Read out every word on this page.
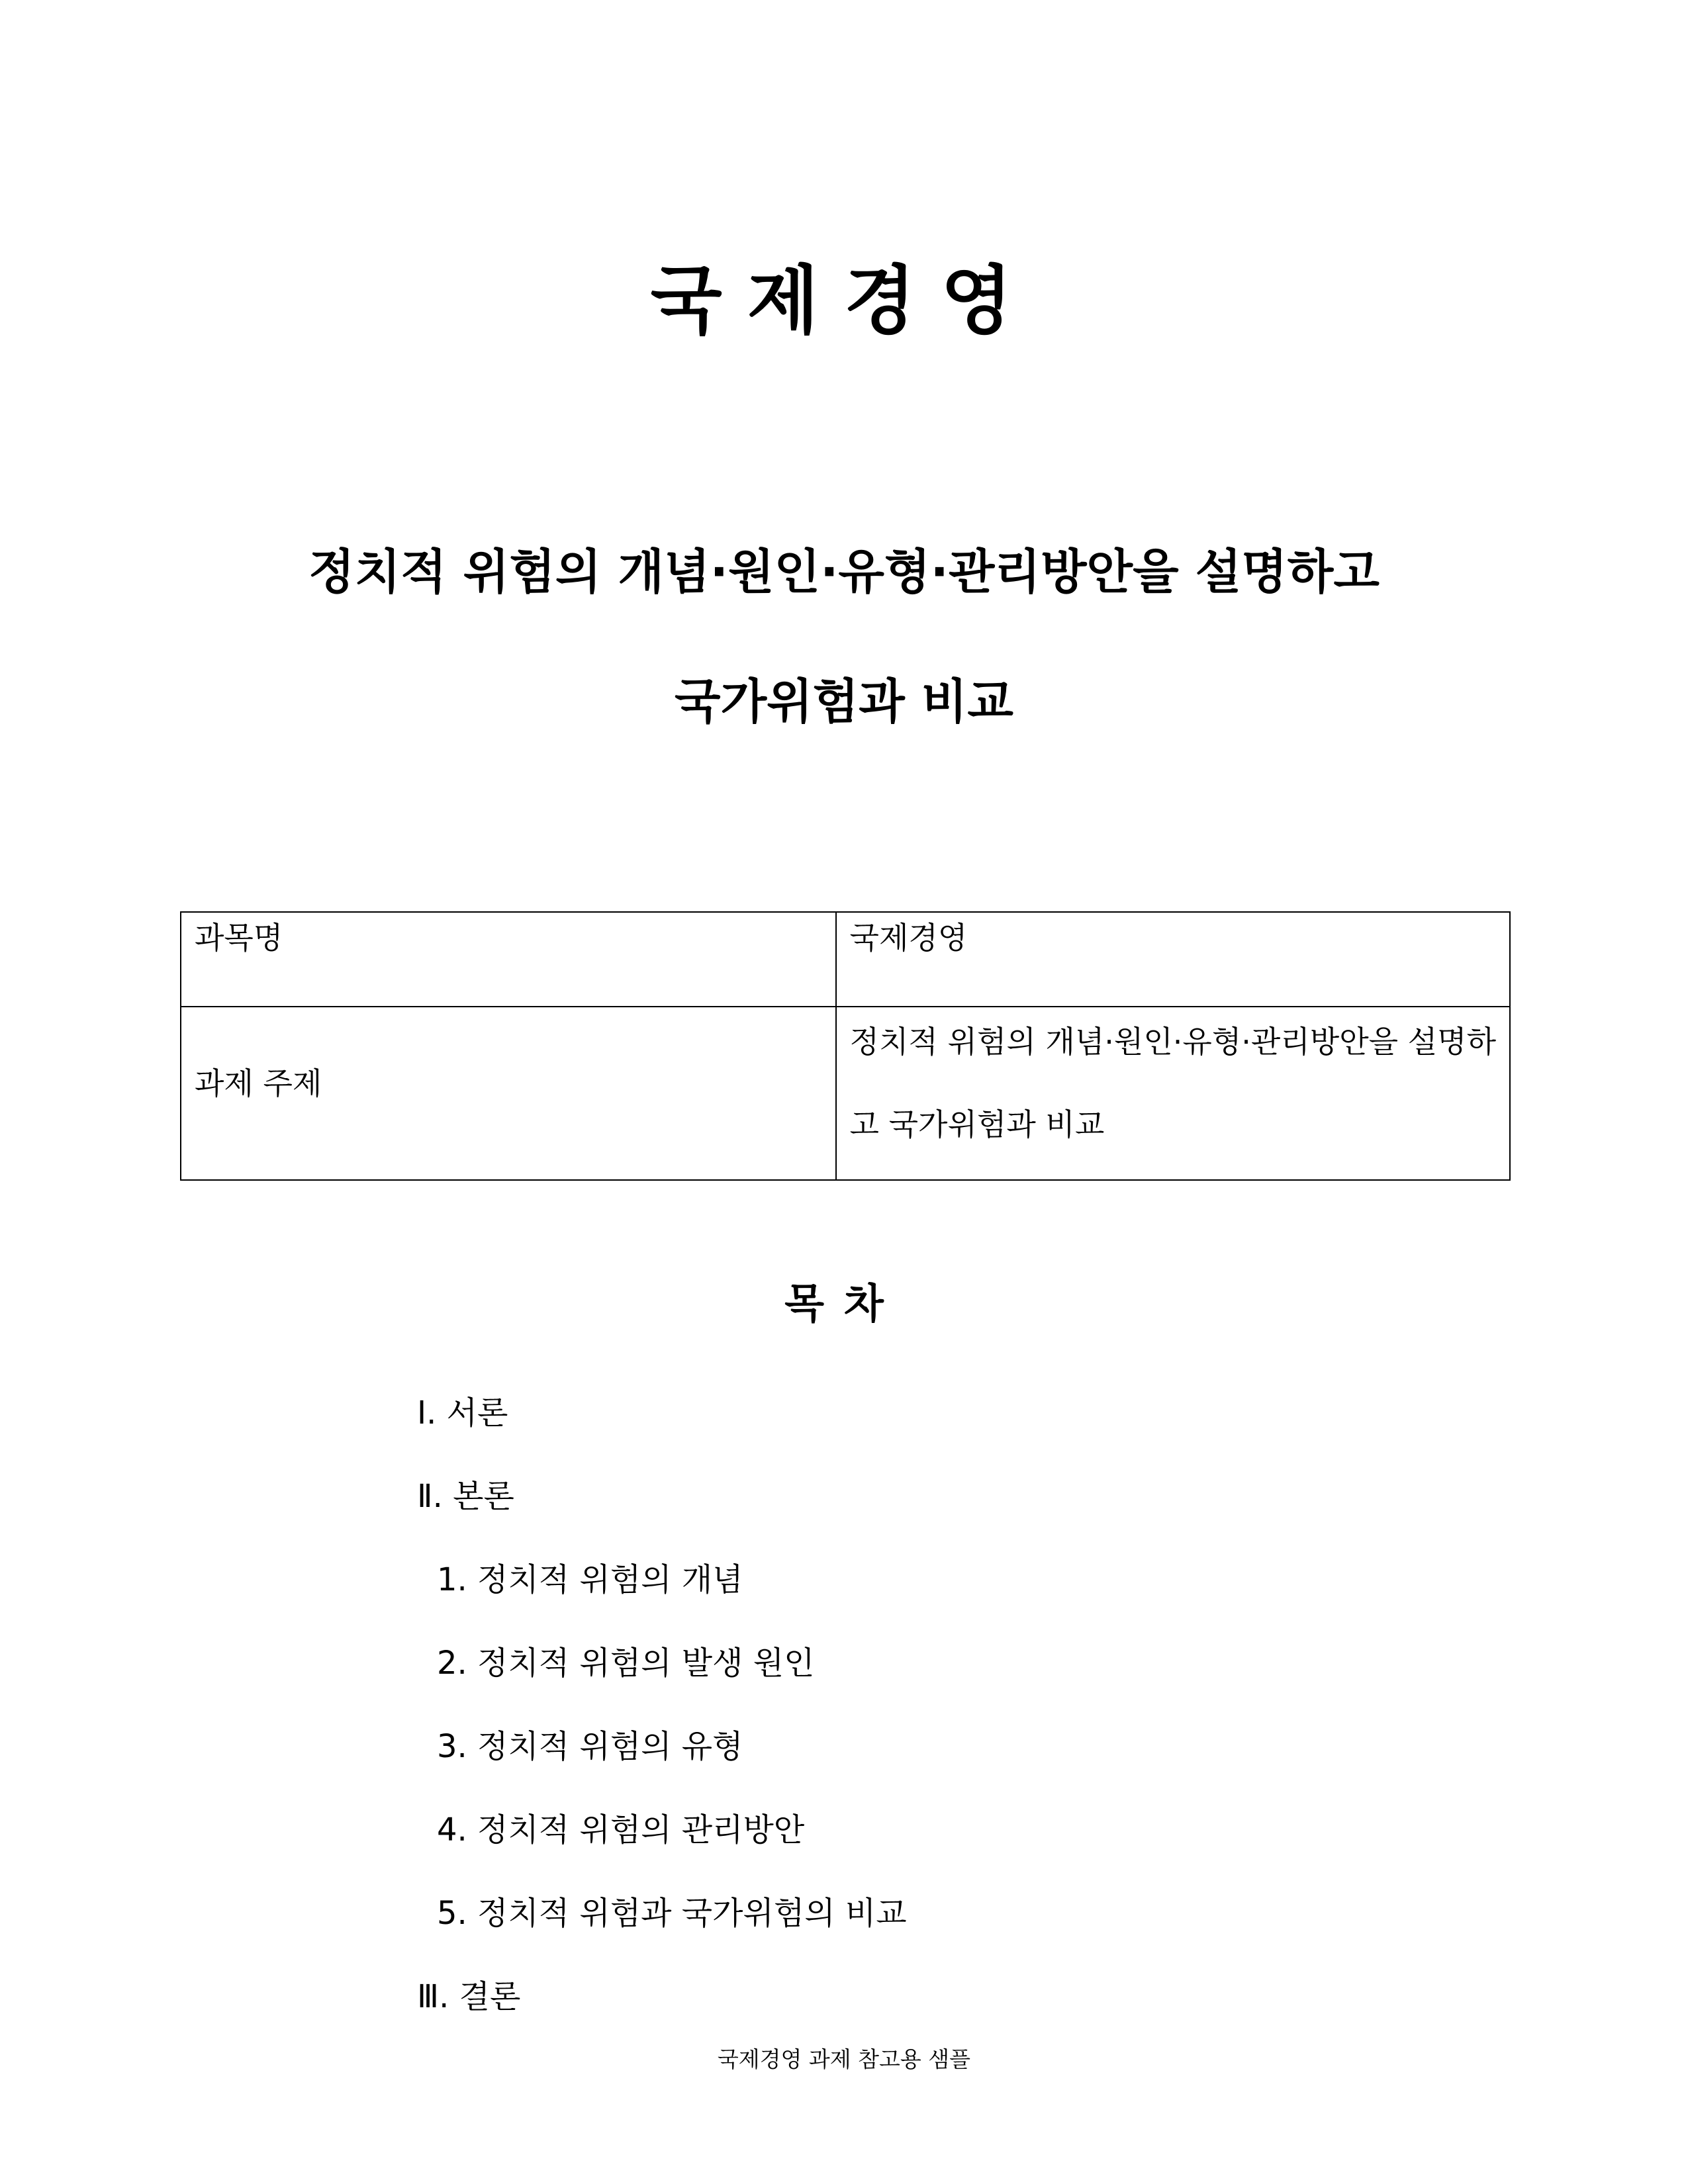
국제경영
정치적 위험의 개념·원인·유형·관리방안을 설명하고
국가위험과 비교
과목명	국제경영
과제 주제	정치적 위험의 개념·원인·유형·관리방안을 설명하
고 국가위험과 비교
목차
Ⅰ. 서론
Ⅱ. 본론
1. 정치적 위험의 개념
2. 정치적 위험의 발생 원인
3. 정치적 위험의 유형
4. 정치적 위험의 관리방안
5. 정치적 위험과 국가위험의 비교
Ⅲ. 결론
국제경영 과제 참고용 샘플
